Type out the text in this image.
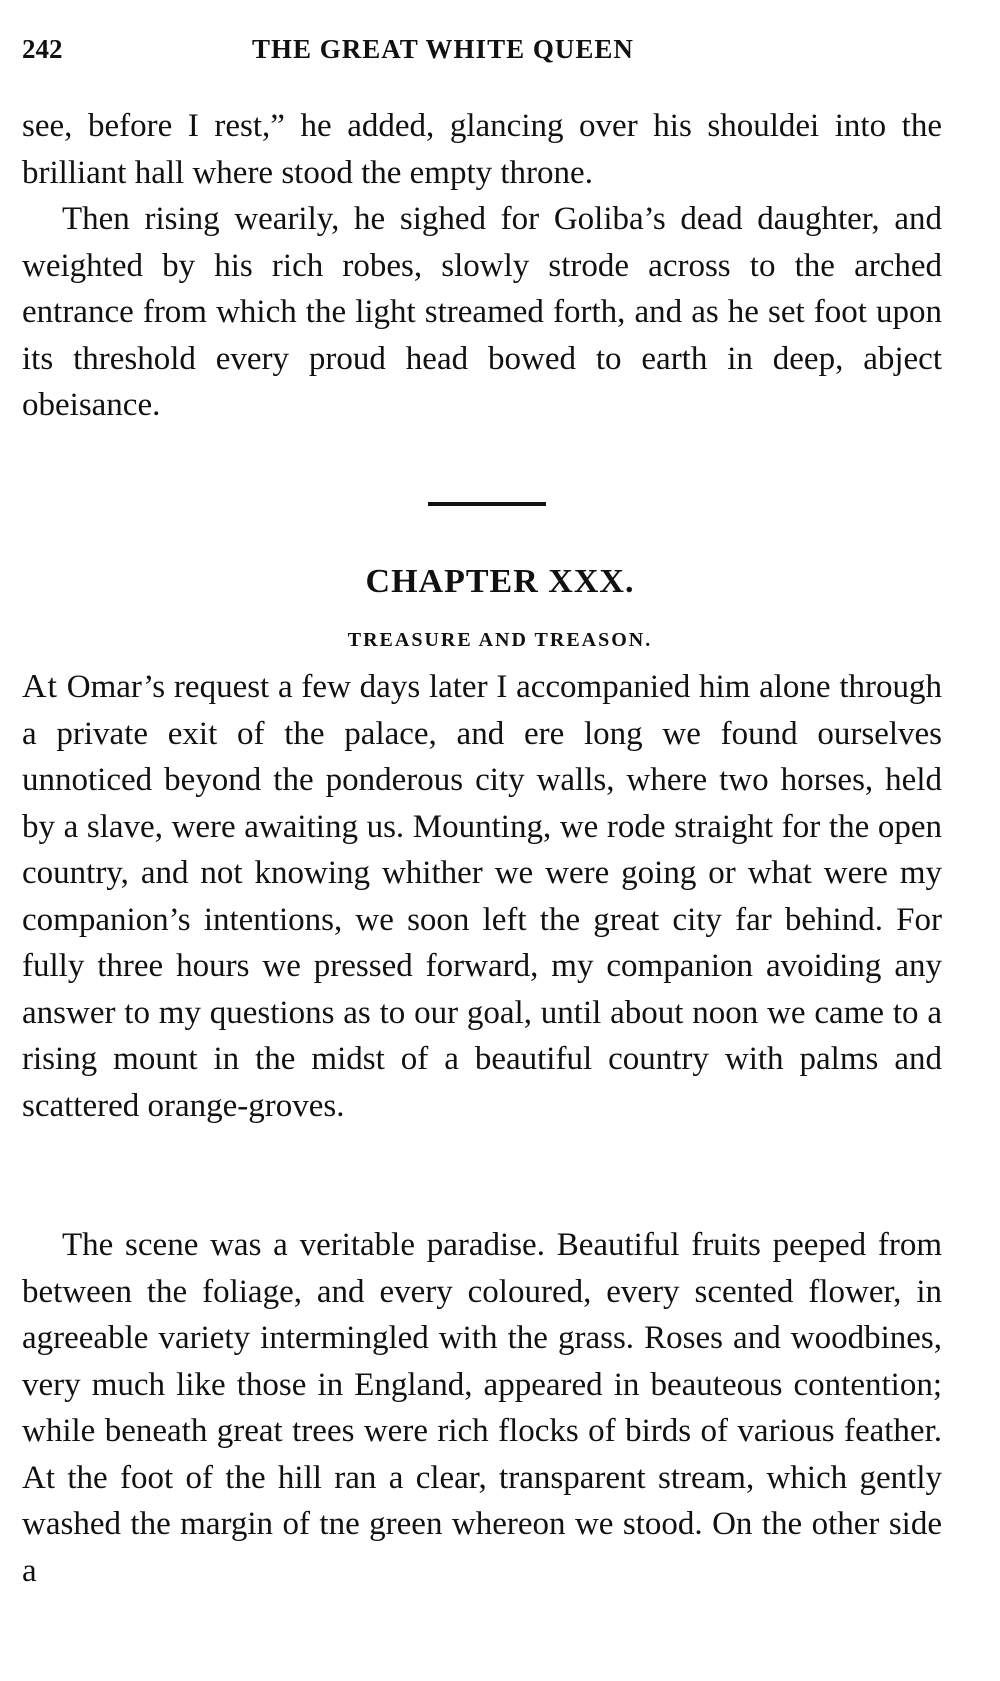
242	THE GREAT WHITE QUEEN

see, before I rest,” he added, glancing over his shouldei into the brilliant hall where stood the empty throne.

Then rising wearily, he sighed for Goliba’s dead daughter, and weighted by his rich robes, slowly strode across to the arched entrance from which the light streamed forth, and as he set foot upon its threshold every proud head bowed to earth in deep, abject obeisance.

CHAPTER XXX.
TREASURE AND TREASON.

At Omar’s request a few days later I accompanied him alone through a private exit of the palace, and ere long we found ourselves unnoticed beyond the ponderous city walls, where two horses, held by a slave, were awaiting us. Mounting, we rode straight for the open country, and not knowing whither we were going or what were my companion’s intentions, we soon left the great city far behind. For fully three hours we pressed forward, my companion avoiding any answer to my questions as to our goal, until about noon we came to a rising mount in the midst of a beautiful country with palms and scattered orange-groves.

The scene was a veritable paradise. Beautiful fruits peeped from between the foliage, and every coloured, every scented flower, in agreeable variety intermingled with the grass. Roses and woodbines, very much like those in England, appeared in beauteous contention; while beneath great trees were rich flocks of birds of various feather. At the foot of the hill ran a clear, transparent stream, which gently washed the margin of tne green whereon we stood. On the other side a
